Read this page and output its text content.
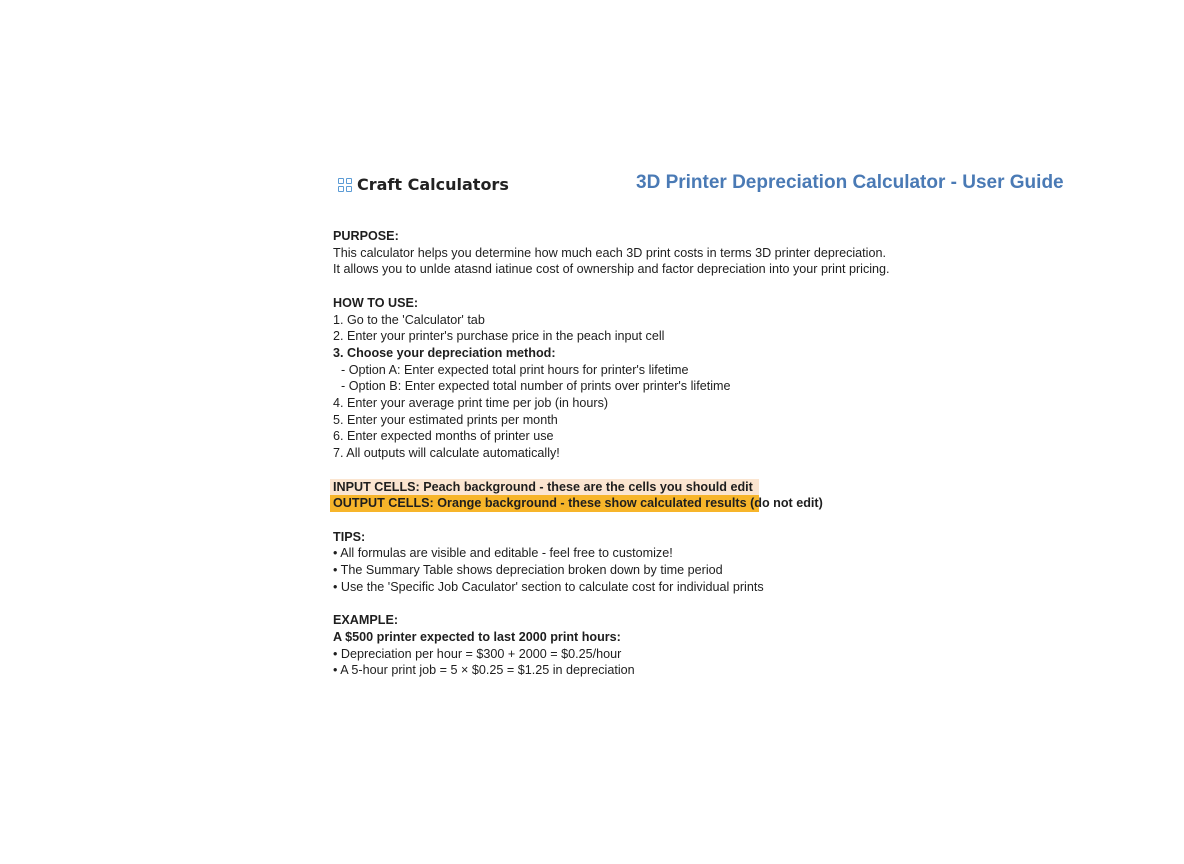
Craft Calculators	3D Printer Depreciation Calculator - User Guide
PURPOSE:
This calculator helps you determine how much each 3D print costs in terms 3D printer depreciation.
It allows you to unlde atasnd iatinue cost of ownership and factor depreciation into your print pricing.
HOW TO USE:
1. Go to the 'Calculator' tab
2. Enter your printer's purchase price in the peach input cell
3. Choose your depreciation method:
- Option A: Enter expected total print hours for printer's lifetime
- Option B: Enter expected total number of prints over printer's lifetime
4. Enter your average print time per job (in hours)
5. Enter your estimated prints per month
6. Enter expected months of printer use
7. All outputs will calculate automatically!
INPUT CELLS: Peach background - these are the cells you should edit
OUTPUT CELLS: Orange background - these show calculated results (do not edit)
TIPS:
• All formulas are visible and editable - feel free to customize!
• The Summary Table shows depreciation broken down by time period
• Use the 'Specific Job Caculator' section to calculate cost for individual prints
EXAMPLE:
A $500 printer expected to last 2000 print hours:
• Depreciation per hour = $300 + 2000 = $0.25/hour
• A 5-hour print job = 5 × $0.25 = $1.25 in depreciation
